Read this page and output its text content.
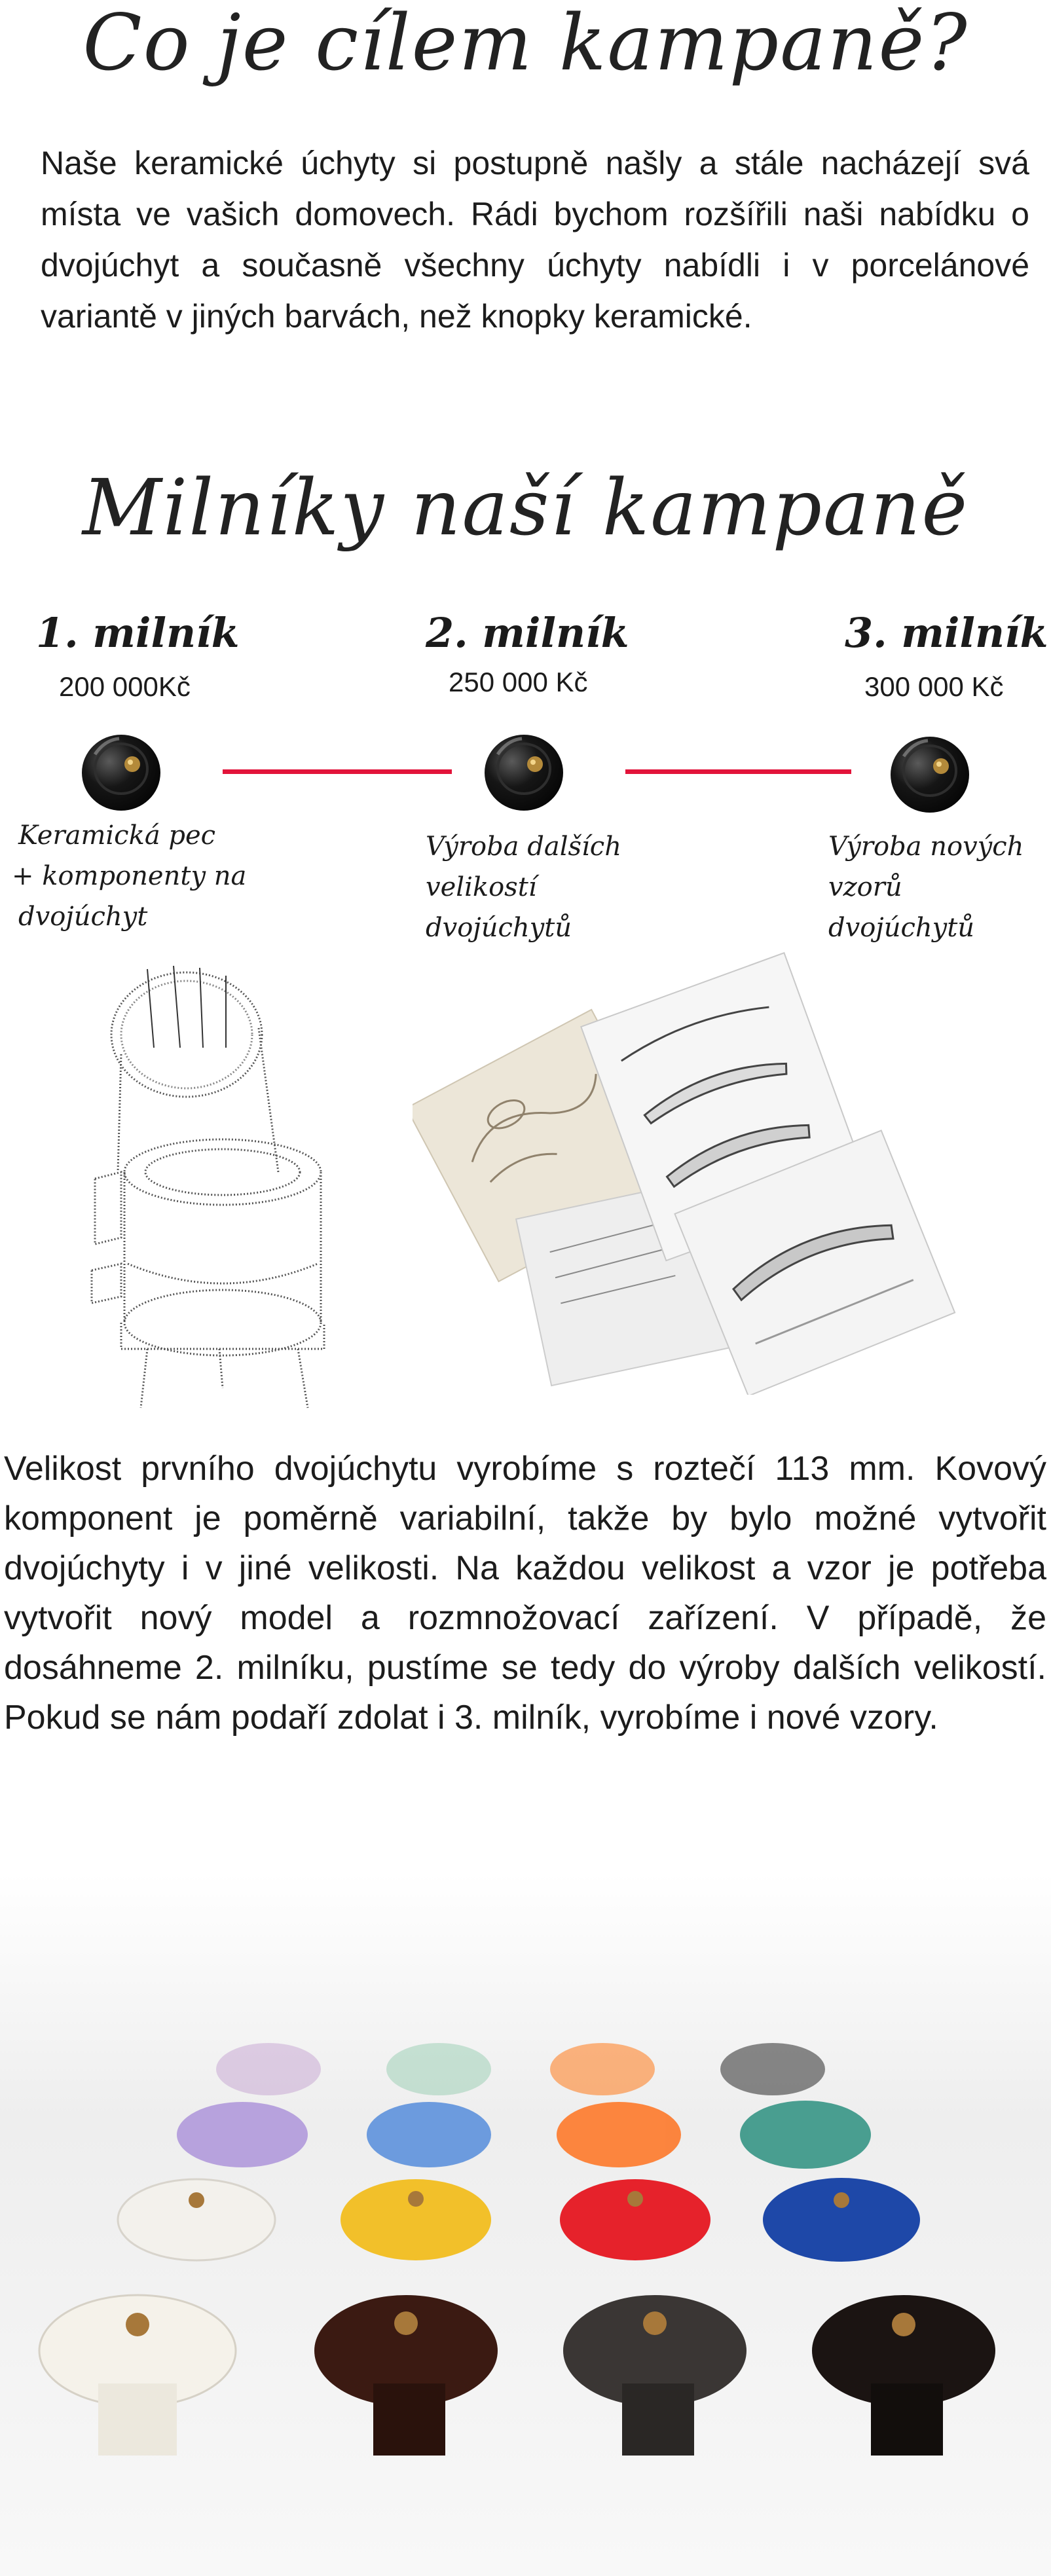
Co je cílem kampaně?

Naše keramické úchyty si postupně našly a stále nacházejí svá místa ve vašich domovech. Rádi bychom rozšířili naši nabídku o dvojúchyt a současně všechny úchyty nabídli i v porcelánové variantě v jiných barvách, než knopky keramické.

Milníky naší kampaně
1. milník
200 000Kč
Keramická pec
+ komponenty na
dvojúchyt
2. milník
250 000 Kč
Výroba dalších
velikostí
dvojúchytů
3. milník
300 000 Kč
Výroba nových
vzorů
dvojúchytů

Velikost prvního dvojúchytu vyrobíme s roztečí 113 mm. Kovový komponent je poměrně variabilní, takže by bylo možné vytvořit dvojúchyty i v jiné velikosti. Na každou velikost a vzor je potřeba vytvořit nový model a rozmnožovací zařízení. V případě, že dosáhneme 2. milníku, pustíme se tedy do výroby dalších velikostí. Pokud se nám podaří zdolat i 3. milník, vyrobíme i nové vzory.
